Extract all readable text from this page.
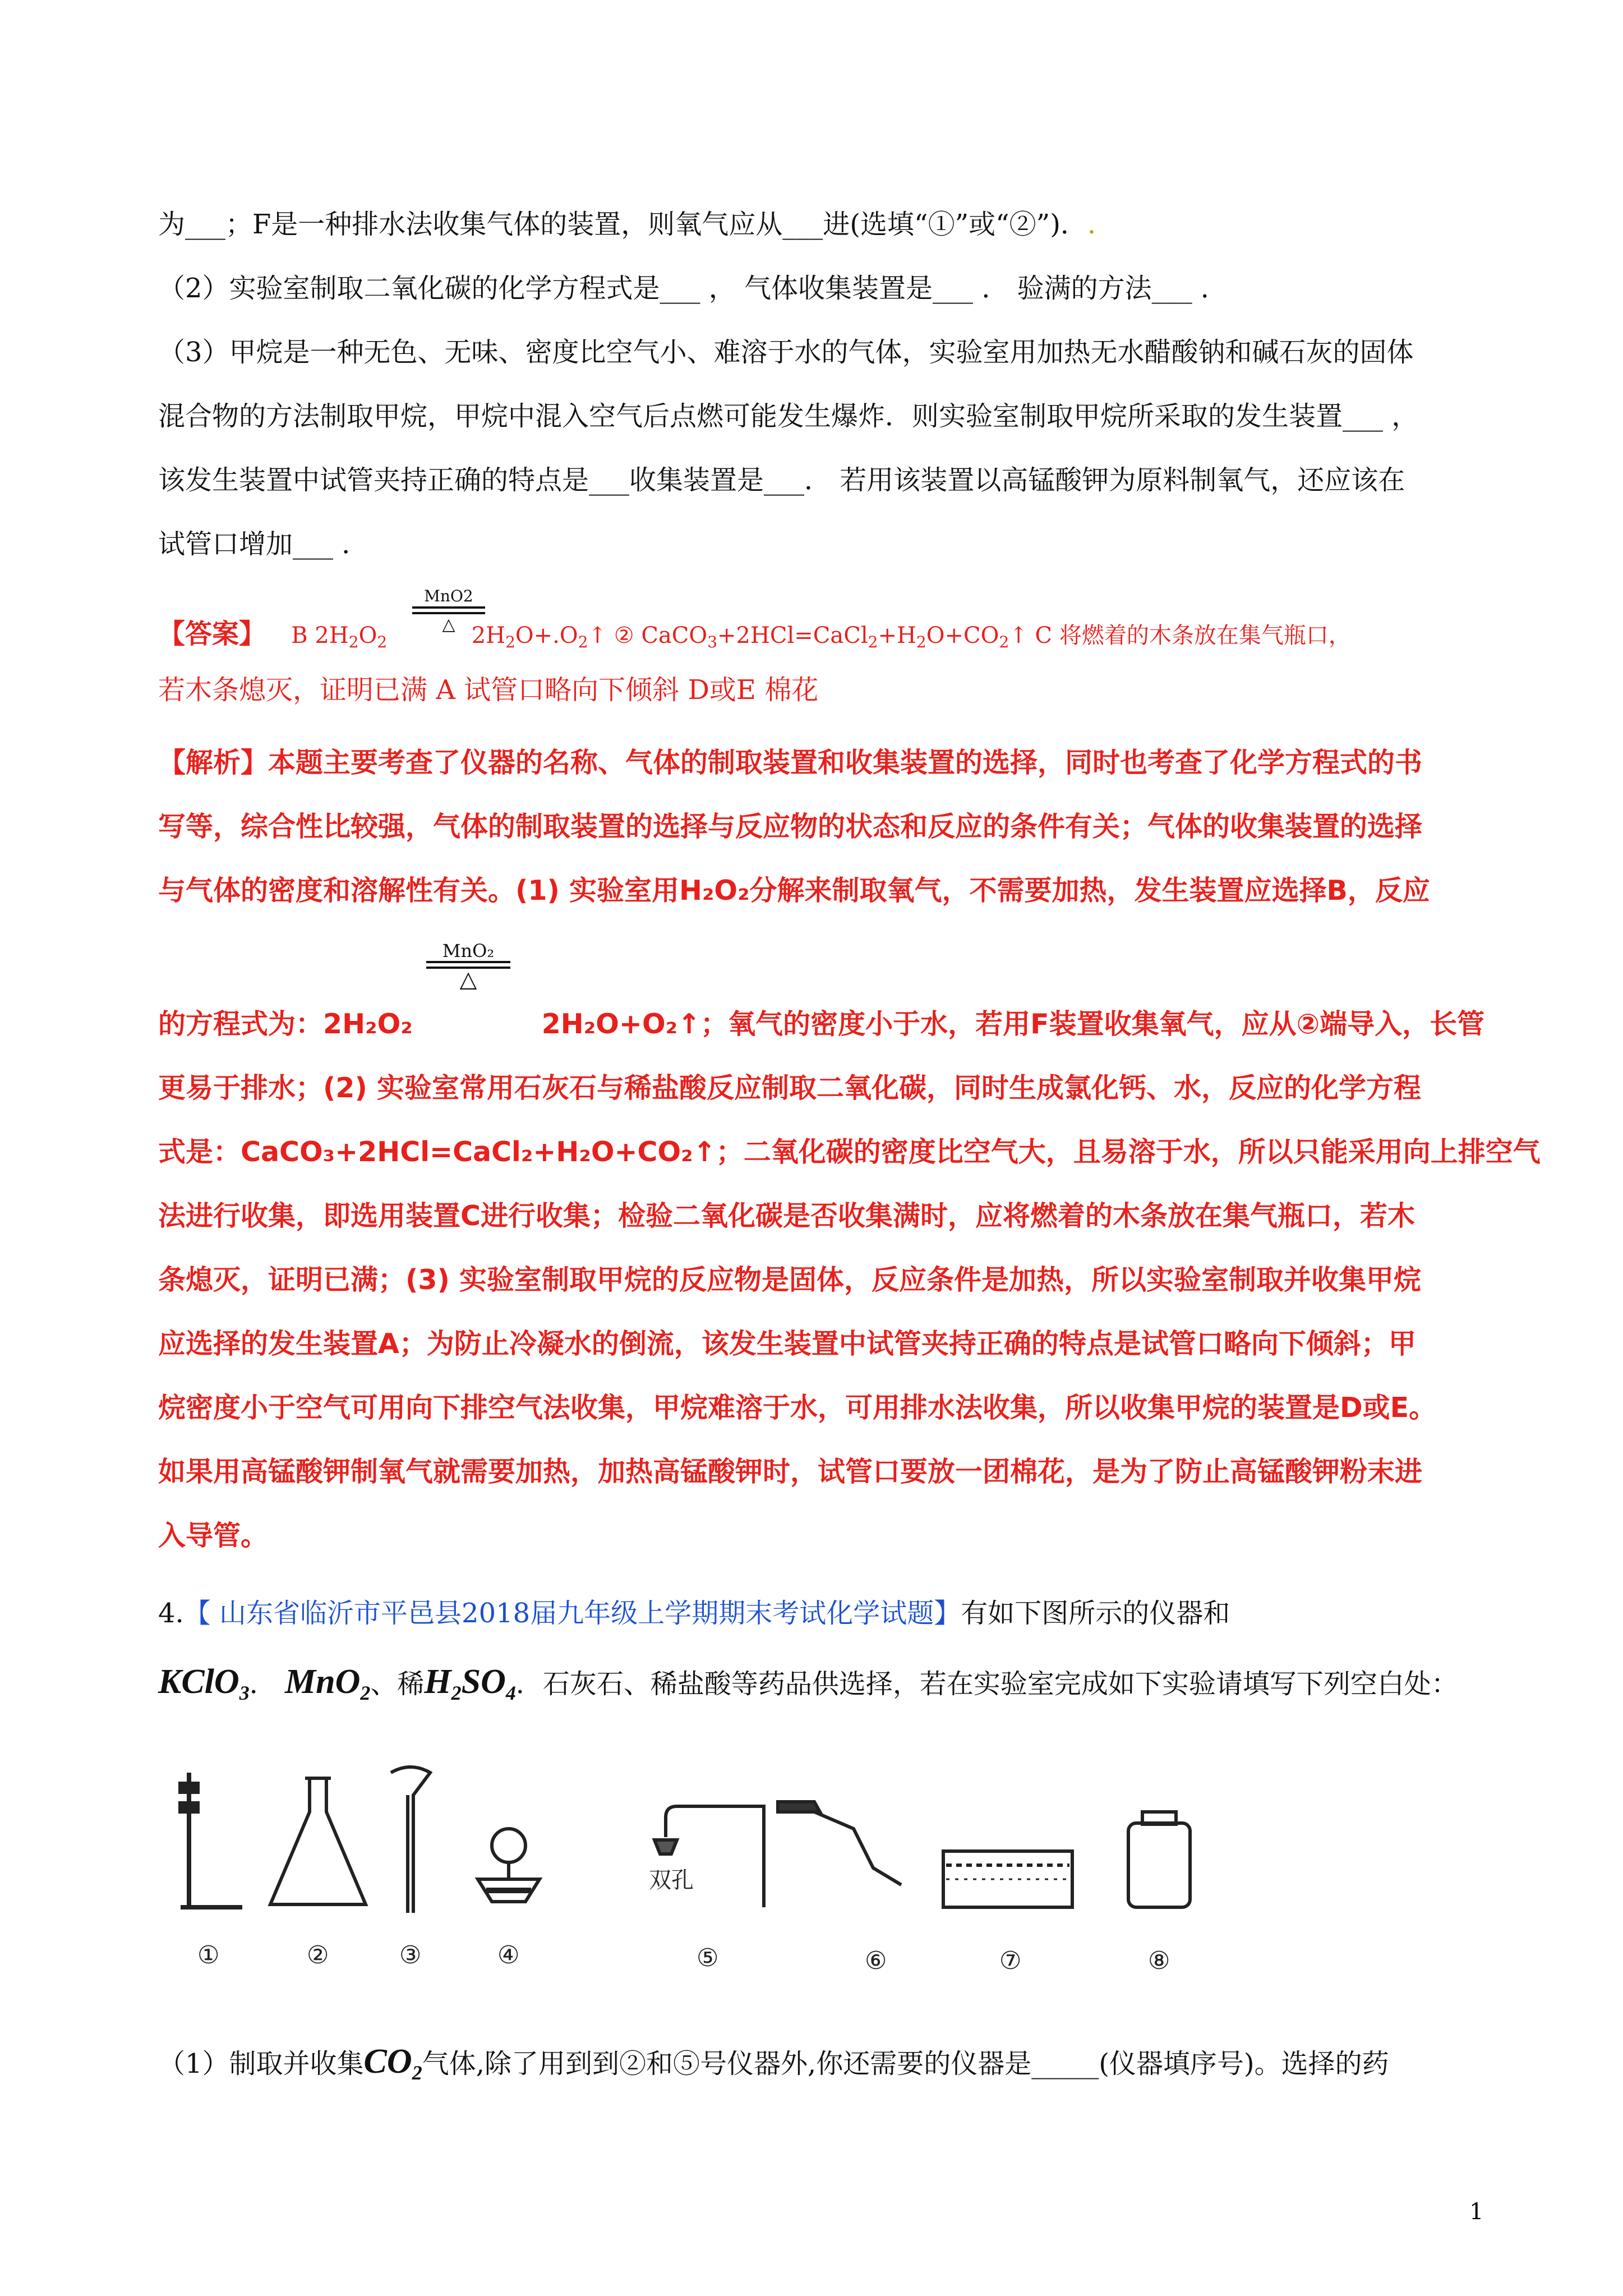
为___；F是一种排水法收集气体的装置，则氧气应从___进(选填“①”或“②”)．.
（2）实验室制取二氧化碳的化学方程式是___ ， 气体收集装置是___ ． 验满的方法___ ．
（3）甲烷是一种无色、无味、密度比空气小、难溶于水的气体，实验室用加热无水醋酸钠和碱石灰的固体
混合物的方法制取甲烷，甲烷中混入空气后点燃可能发生爆炸．则实验室制取甲烷所采取的发生装置___ ，
该发生装置中试管夹持正确的特点是___收集装置是___． 若用该装置以高锰酸钾为原料制氧气，还应该在
试管口增加___ ．
【答案】 B $2H_2O_2$	$2H_2O+.O_2↑$ ② $CaCO_3+2HCl=CaCl_2+H_2O+CO_2↑$ C 将燃着的木条放在集气瓶口，
MnO2
△
若木条熄灭，证明已满 A 试管口略向下倾斜 D或E 棉花
【解析】本题主要考查了仪器的名称、气体的制取装置和收集装置的选择，同时也考查了化学方程式的书
写等，综合性比较强，气体的制取装置的选择与反应物的状态和反应的条件有关；气体的收集装置的选择
与气体的密度和溶解性有关。(1) 实验室用H₂O₂分解来制取氧气，不需要加热，发生装置应选择B，反应
MnO₂
△
的方程式为：2H₂O₂	2H₂O+O₂↑；氧气的密度小于水，若用F装置收集氧气，应从②端导入，长管
更易于排水；(2) 实验室常用石灰石与稀盐酸反应制取二氧化碳，同时生成氯化钙、水，反应的化学方程
式是：CaCO₃+2HCl=CaCl₂+H₂O+CO₂↑；二氧化碳的密度比空气大，且易溶于水，所以只能采用向上排空气
法进行收集，即选用装置C进行收集；检验二氧化碳是否收集满时，应将燃着的木条放在集气瓶口，若木
条熄灭，证明已满；(3) 实验室制取甲烷的反应物是固体，反应条件是加热，所以实验室制取并收集甲烷
应选择的发生装置A；为防止冷凝水的倒流，该发生装置中试管夹持正确的特点是试管口略向下倾斜；甲
烷密度小于空气可用向下排空气法收集，甲烷难溶于水，可用排水法收集，所以收集甲烷的装置是D或E。
如果用高锰酸钾制氧气就需要加热，加热高锰酸钾时，试管口要放一团棉花，是为了防止高锰酸钾粉末进
入导管。
4.【 山东省临沂市平邑县2018届九年级上学期期末考试化学试题】有如下图所示的仪器和
KClO$_3$． MnO$_2$、稀$H_2SO_4$．石灰石、稀盐酸等药品供选择，若在实验室完成如下实验请填写下列空白处：
双孔
①	②	③	④	⑤	⑥	⑦	⑧
（1）制取并收集$CO_2$气体,除了用到到②和⑤号仪器外,你还需要的仪器是_____(仪器填序号)。选择的药
1
